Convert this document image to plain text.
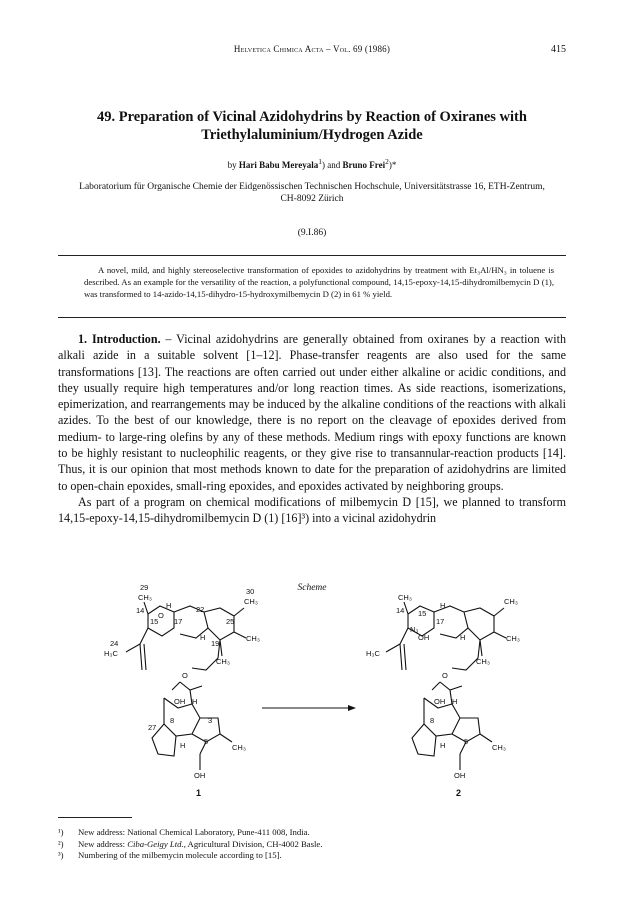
Helvetica Chimica Acta – Vol. 69 (1986)	415
49. Preparation of Vicinal Azidohydrins by Reaction of Oxiranes with Triethylaluminium/Hydrogen Azide
by Hari Babu Mereyala$^1$) and Bruno Frei$^2$)*
Laboratorium für Organische Chemie der Eidgenössischen Technischen Hochschule, Universitätstrasse 16, ETH-Zentrum, CH-8092 Zürich
(9.I.86)
A novel, mild, and highly stereoselective transformation of epoxides to azidohydrins by treatment with Et₃Al/HN₃ in toluene is described. As an example for the versatility of the reaction, a polyfunctional compound, 14,15-epoxy-14,15-dihydromilbemycin D (1), was transformed to 14-azido-14,15-dihydro-15-hydroxymilbemycin D (2) in 61 % yield.

1. Introduction. – Vicinal azidohydrins are generally obtained from oxiranes by a reaction with alkali azide in a suitable solvent [1–12]. Phase-transfer reagents are also used for the same transformations [13]. The reactions are often carried out under either alkaline or acidic conditions, and they usually require high temperatures and/or long reaction times. As side reactions, isomerizations, epimerization, and rearrangements may be induced by the alkaline conditions of the reactions with alkali azides. To the best of our knowledge, there is no report on the cleavage of epoxides derived from medium- to large-ring olefins by any of these methods. Medium rings with epoxy functions are known to be highly resistant to nucleophilic reagents, or they give rise to transannular-reaction products [14]. Thus, it is our opinion that most methods known to date for the preparation of azidohydrins are limited to open-chain epoxides, small-ring epoxides, and epoxides activated by neighboring groups.

As part of a program on chemical modifications of milbemycin D [15], we planned to transform 14,15-epoxy-14,15-dihydromilbemycin D (1) [16]³) into a vicinal azidohydrin

Scheme
29	30
CH₃	CH₃
14
O
H	22
15 17	25
CH₃
H
19
CH₃
24
H₃C
O
OH H
8
27
3
5
CH₃
H
OH
1
CH₃	CH₃
14 15
H
17
N₃
OH	CH₃
H
CH₃
H₃C
O
OH H
8
5
CH₃
H
OH
2
¹)	New address: National Chemical Laboratory, Pune-411 008, India.
²)	New address: Ciba-Geigy Ltd., Agricultural Division, CH-4002 Basle.
³)	Numbering of the milbemycin molecule according to [15].
